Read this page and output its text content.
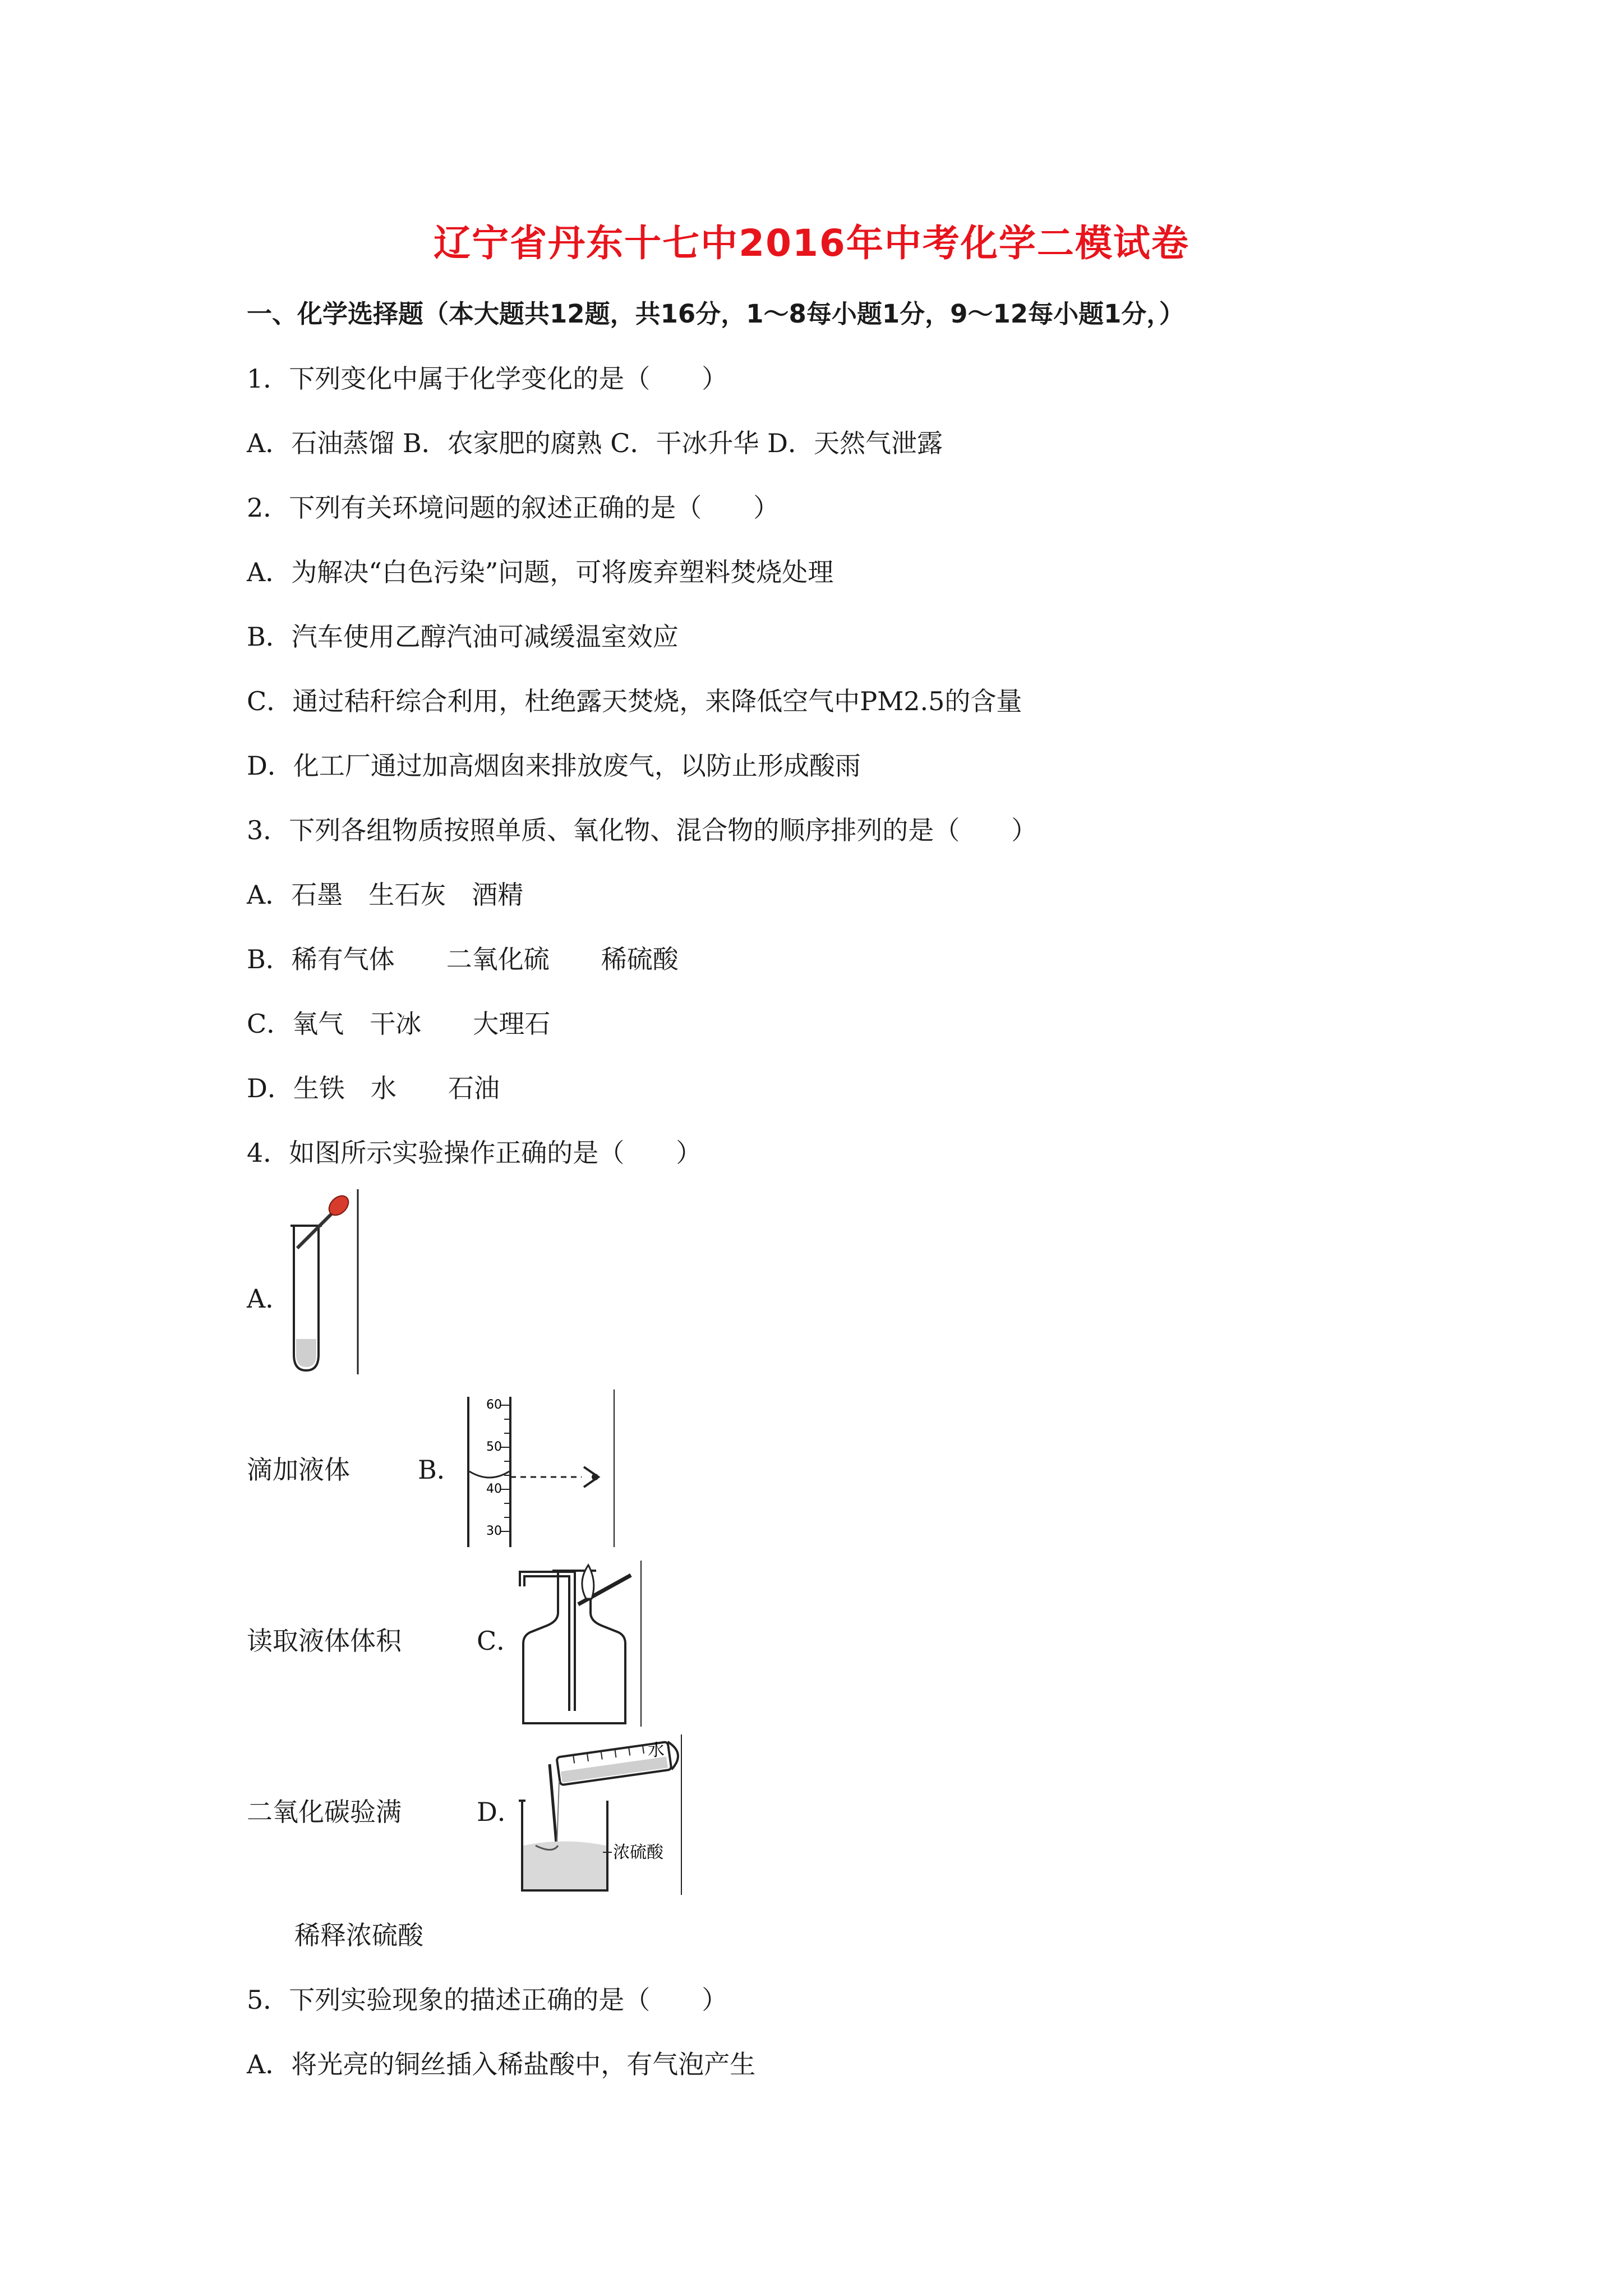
辽宁省丹东十七中2016年中考化学二模试卷
一、化学选择题（本大题共12题，共16分，1～8每小题1分，9～12每小题1分，）
1．下列变化中属于化学变化的是（　　）
A．石油蒸馏 B．农家肥的腐熟 C．干冰升华 D．天然气泄露
2．下列有关环境问题的叙述正确的是（　　）
A．为解决“白色污染”问题，可将废弃塑料焚烧处理
B．汽车使用乙醇汽油可减缓温室效应
C．通过秸秆综合利用，杜绝露天焚烧，来降低空气中PM2.5的含量
D．化工厂通过加高烟囱来排放废气，以防止形成酸雨
3．下列各组物质按照单质、氧化物、混合物的顺序排列的是（　　）
A．石墨　生石灰　酒精
B．稀有气体　　二氧化硫　　稀硫酸
C．氧气　干冰　　大理石
D．生铁　水　　石油
4．如图所示实验操作正确的是（　　）
A．
滴加液体	B．
60
50
40
30
读取液体体积	C．
二氧化碳验满	D．
水
浓硫酸
稀释浓硫酸
5．下列实验现象的描述正确的是（　　）
A．将光亮的铜丝插入稀盐酸中，有气泡产生
